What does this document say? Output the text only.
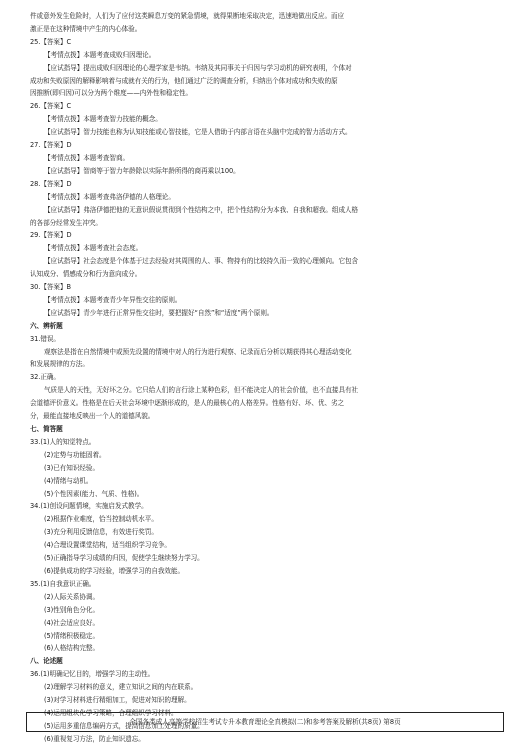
件或意外发生危险时，人们为了应付这类瞬息万变的紧急情境，就得果断地采取决定，迅速地做出反应。而应
激正是在这种情境中产生的内心体验。
25.【答案】C
【考情点拨】本题考查成败归因理论。
【应试指导】提出成败归因理论的心理学家是韦纳。韦纳及其同事关于归因与学习动机的研究表明，个体对
成功和失败原因的解释影响着与成就有关的行为，他们通过广泛的调查分析，归纳出个体对成功和失败的原
因推断(即归因)可以分为两个维度——内外性和稳定性。
26.【答案】C
【考情点拨】本题考查智力技能的概念。
【应试指导】智力技能也称为认知技能或心智技能，它是人借助于内部言语在头脑中完成的智力活动方式。
27.【答案】D
【考情点拨】本题考查智商。
【应试指导】智商等于智力年龄除以实际年龄所得的商再乘以100。
28.【答案】D
【考情点拨】本题考查弗洛伊德的人格理论。
【应试指导】弗洛伊德把他的无意识假说贯彻到个性结构之中，把个性结构分为本我、自我和超我。组成人格
的各部分经常发生冲突。
29.【答案】D
【考情点拨】本题考查社会态度。
【应试指导】社会态度是个体基于过去经验对其周围的人、事、物持有的比较持久而一致的心理倾向。它包含
认知成分、情感成分和行为意向成分。
30.【答案】B
【考情点拨】本题考查青少年异性交往的原则。
【应试指导】青少年进行正常异性交往时，要把握好“自然”和“适度”两个原则。
六、辨析题
31.错误。
观察法是指在自然情境中或预先设置的情境中对人的行为进行观察、记录而后分析以期获得其心理活动变化
和发展规律的方法。
32.正确。
气质是人的天性，无好坏之分。它只给人们的言行涂上某种色彩，但不能决定人的社会价值，也不直接具有社
会道德评价意义。性格是在后天社会环境中逐渐形成的，是人的最核心的人格差异。性格有好、坏、优、劣之
分，最能直接地反映出一个人的道德风貌。
七、简答题
33.(1)人的知觉特点。
(2)定势与功能固着。
(3)已有知识经验。
(4)情绪与动机。
(5)个性因素(能力、气质、性格)。
34.(1)创设问题情境，实施启发式教学。
(2)根据作业难度，恰当控制动机水平。
(3)充分利用反馈信息，有效进行奖罚。
(4)合理设置课堂结构，适当组织学习竞争。
(5)正确指导学习成绩的归因，促使学生继续努力学习。
(6)提供成功的学习经验，增强学习的自我效能。
35.(1)自我意识正确。
(2)人际关系协调。
(3)性别角色分化。
(4)社会适应良好。
(5)情绪积极稳定。
(6)人格结构完整。
八、论述题
36.(1)明确记忆目的，增强学习的主动性。
(2)理解学习材料的意义，建立知识之间的内在联系。
(3)对学习材料进行精细加工，促进对知识的理解。
(4)运用组块化学习策略，合理组织学习材料。
(5)运用多重信息编码方式，提高信息加工处理的质量。
(6)重视复习方法，防止知识遗忘。
全国各类成人高等学校招生考试专升本教育理论全真模拟(二)和参考答案及解析(共8页) 第8页
